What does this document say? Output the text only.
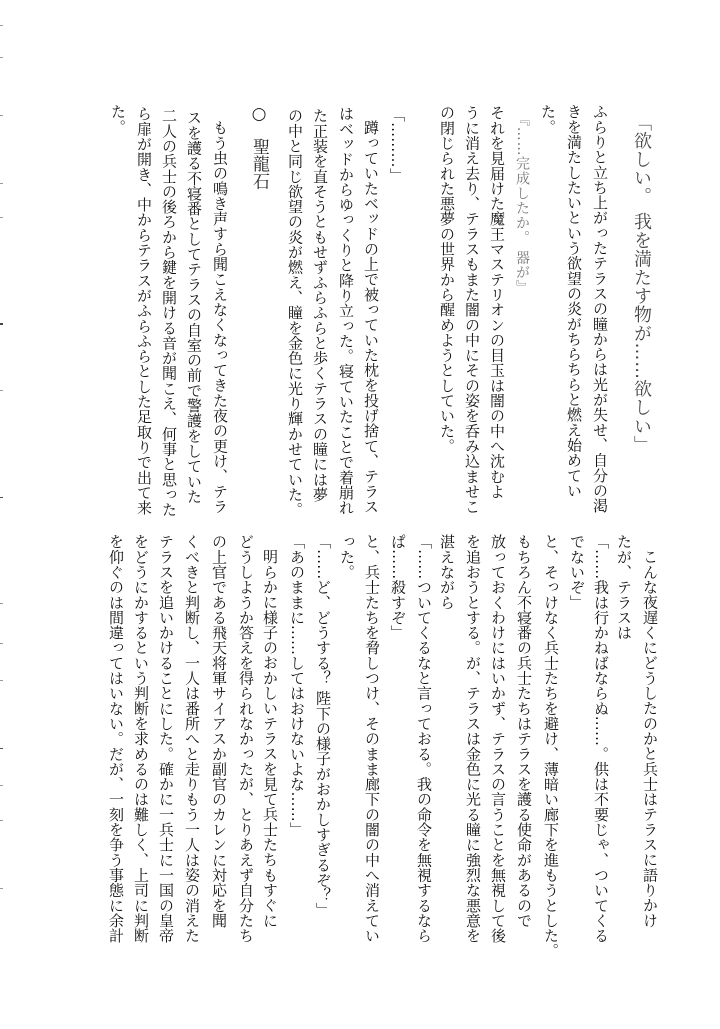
「欲しい。 我を満たす物が……欲しい」
ふらりと立ち上がったテラスの瞳からは光が失せ、自分の渇
きを満たしたいという欲望の炎がちらちらと燃え始めてい
た。
『……完成したか。 器が』
それを見届けた魔王マステリオンの目玉は闇の中へ沈むよ
うに消え去り、テラスもまた闇の中にその姿を呑み込ませこ
の閉じられた悪夢の世界から醒めようとしていた。
「………」
蹲っていたベッドの上で被っていた枕を投げ捨て、テラス
はベッドからゆっくりと降り立った。寝ていたことで着崩れ
た正装を直そうともせずふらふらと歩くテラスの瞳には夢
の中と同じ欲望の炎が燃え、瞳を金色に光り輝かせていた。
○
聖龍石
もう虫の鳴き声すら聞こえなくなってきた夜の更け、テラ
スを護る不寝番としてテラスの自室の前で警護をしていた
二人の兵士の後ろから鍵を開ける音が聞こえ、何事と思った
ら扉が開き、中からテラスがふらふらとした足取りで出て来
た。
こんな夜遅くにどうしたのかと兵士はテラスに語りかけ
たが、テラスは
「……我は行かねばならぬ……。供は不要じゃ、ついてくる
でないぞ」
と、そっけなく兵士たちを避け、薄暗い廊下を進もうとした。
もちろん不寝番の兵士たちはテラスを護る使命があるので
放っておくわけにはいかず、テラスの言うことを無視して後
を追おうとする。が、テラスは金色に光る瞳に強烈な悪意を
湛えながら
「……ついてくるなと言っておる。我の命令を無視するなら
ぱ……殺すぞ」
と、兵士たちを脅しつけ、そのまま廊下の闇の中へ消えてい
った。
「……ど、どうする？ 陛下の様子がおかしすぎるぞ？」
「あのままに……してはおけないよな……」
明らかに様子のおかしいテラスを見て兵士たちもすぐに
どうしようか答えを得られなかったが、とりあえず自分たち
の上官である飛天将軍サイアスか副官のカレンに対応を聞
くべきと判断し、一人は番所へと走りもう一人は姿の消えた
テラスを追いかけることにした。確かに一兵士に一国の皇帝
をどうにかするという判断を求めるのは難しく、上司に判断
を仰ぐのは間違ってはいない。だが、一刻を争う事態に余計
